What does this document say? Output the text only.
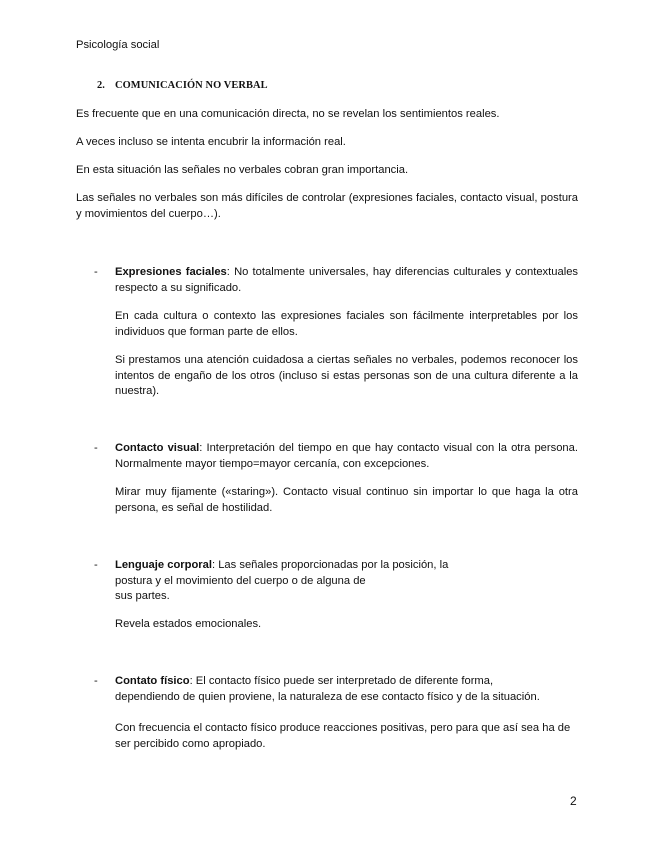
Psicología social
2. COMUNICACIÓN NO VERBAL

Es frecuente que en una comunicación directa, no se revelan los sentimientos reales.

A veces incluso se intenta encubrir la información real.

En esta situación las señales no verbales cobran gran importancia.

Las señales no verbales son más difíciles de controlar (expresiones faciales, contacto visual, postura y movimientos del cuerpo…).

- Expresiones faciales: No totalmente universales, hay diferencias culturales y contextuales respecto a su significado.

En cada cultura o contexto las expresiones faciales son fácilmente interpretables por los individuos que forman parte de ellos.

Si prestamos una atención cuidadosa a ciertas señales no verbales, podemos reconocer los intentos de engaño de los otros (incluso si estas personas son de una cultura diferente a la nuestra).

- Contacto visual: Interpretación del tiempo en que hay contacto visual con la otra persona. Normalmente mayor tiempo=mayor cercanía, con excepciones.

Mirar muy fijamente («staring»). Contacto visual continuo sin importar lo que haga la otra persona, es señal de hostilidad.

- Lenguaje corporal: Las señales proporcionadas por la posición, la
postura y el movimiento del cuerpo o de alguna de
sus partes.

Revela estados emocionales.

- Contato físico: El contacto físico puede ser interpretado de diferente forma,
dependiendo de quien proviene, la naturaleza de ese contacto físico y de la situación.

Con frecuencia el contacto físico produce reacciones positivas, pero para que así sea ha de ser percibido como apropiado.

2
